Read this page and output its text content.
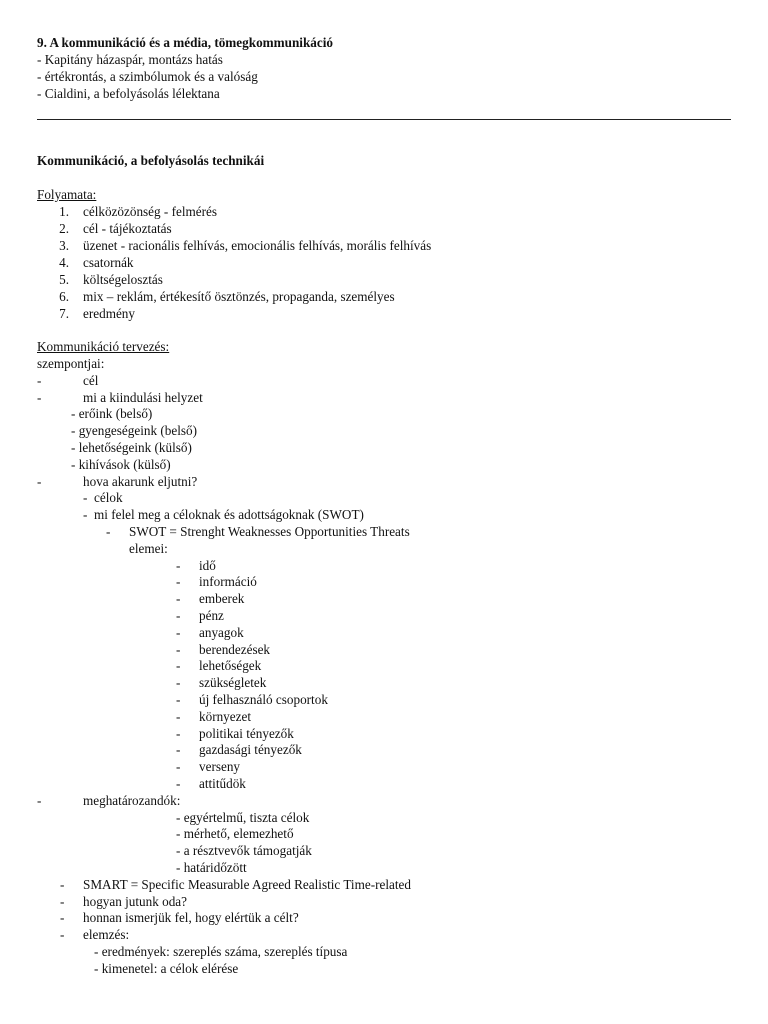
9. A kommunikáció és a média, tömegkommunikáció
- Kapitány házaspár, montázs hatás
- értékrontás, a szimbólumok és a valóság
- Cialdini, a befolyásolás lélektana
Kommunikáció, a befolyásolás technikái
Folyamata:
1. célközözönség - felmérés
2. cél - tájékoztatás
3. üzenet - racionális felhívás, emocionális felhívás, morális felhívás
4. csatornák
5. költségelosztás
6. mix – reklám, értékesítő ösztönzés, propaganda, személyes
7. eredmény
Kommunikáció tervezés:
szempontjai:
-	cél
-	mi a kiindulási helyzet
- erőink (belső)
- gyengeségeink (belső)
- lehetőségeink (külső)
- kihívások (külső)
-	hova akarunk eljutni?
-  célok
-  mi felel meg a céloknak és adottságoknak (SWOT)
- SWOT = Strenght Weaknesses Opportunities Threats
elemei:
- idő
- információ
- emberek
- pénz
- anyagok
- berendezések
- lehetőségek
- szükségletek
- új felhasználó csoportok
- környezet
- politikai tényezők
- gazdasági tényezők
- verseny
- attitűdök
-	meghatározandók:
- egyértelmű, tiszta célok
- mérhető, elemezhető
- a résztvevők támogatják
- határidőzött
- SMART = Specific Measurable Agreed Realistic Time-related
- hogyan jutunk oda?
- honnan ismerjük fel, hogy elértük a célt?
- elemzés:
- eredmények: szereplés száma, szereplés típusa
- kimenetel: a célok elérése
